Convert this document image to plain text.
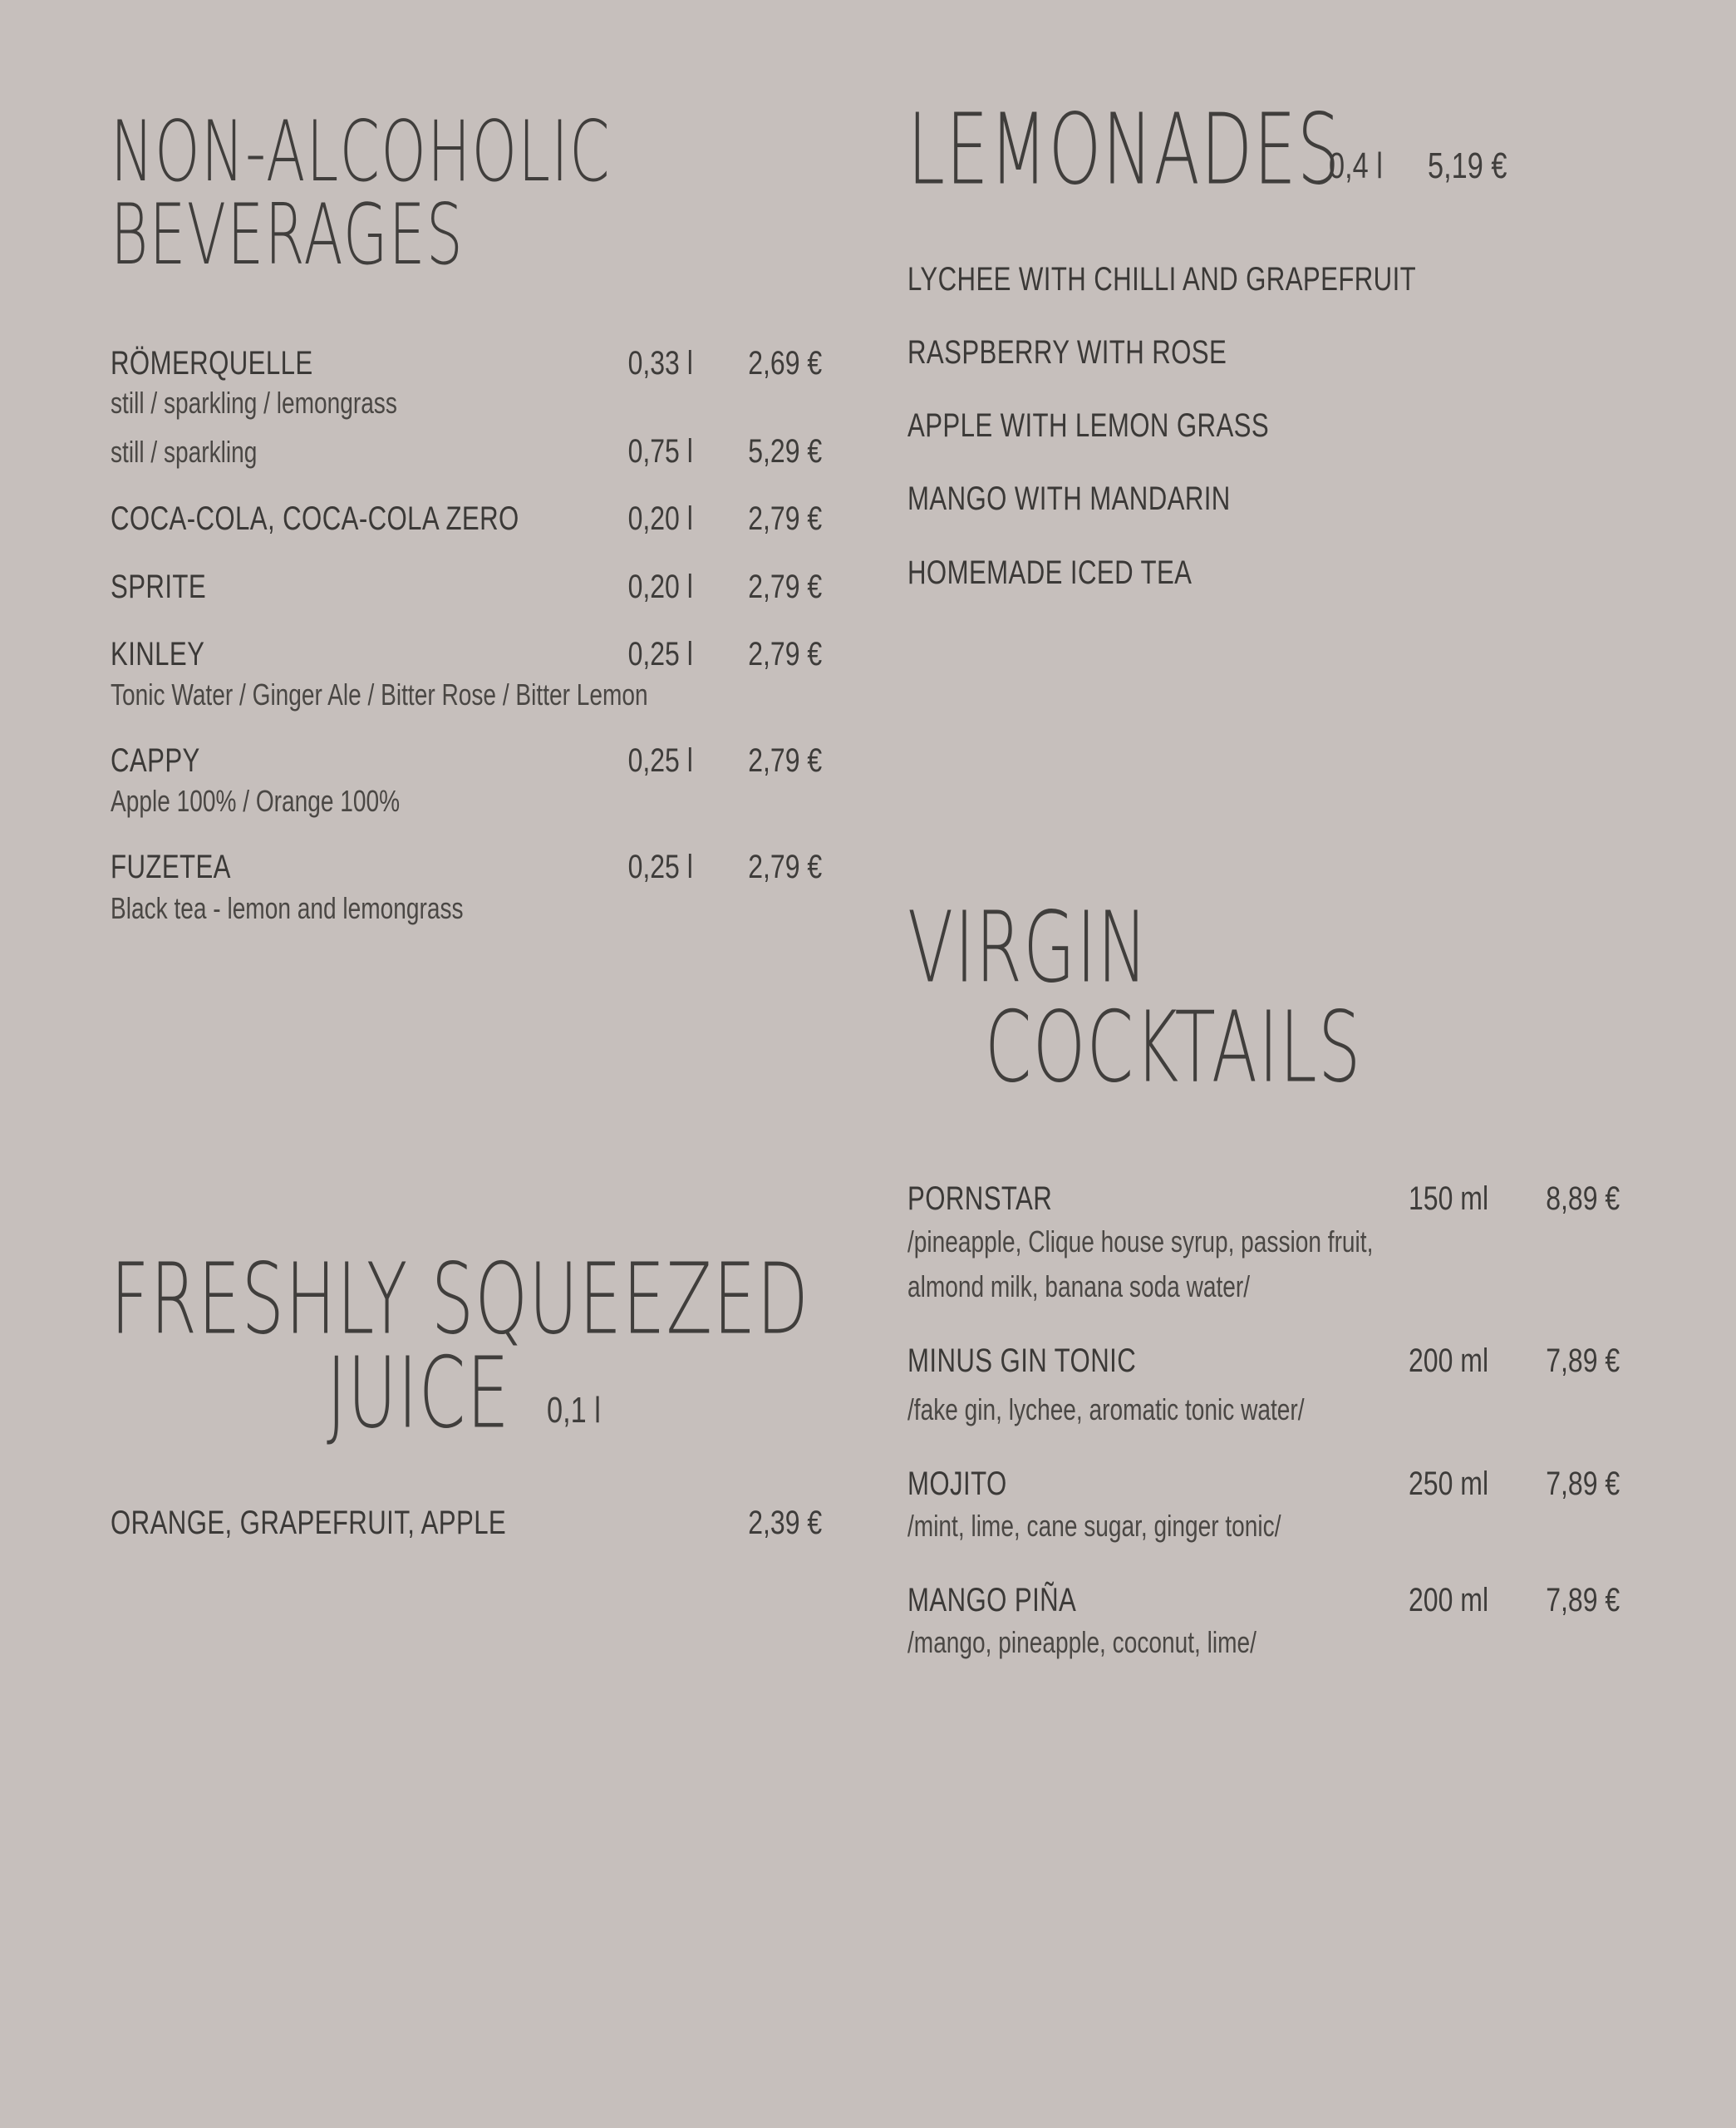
NON-ALCOHOLIC
BEVERAGES
RÖMERQUELLE	0,33 l	2,69 €
still / sparkling / lemongrass
still / sparkling	0,75 l	5,29 €
COCA-COLA, COCA-COLA ZERO	0,20 l	2,79 €
SPRITE	0,20 l	2,79 €
KINLEY	0,25 l	2,79 €
Tonic Water / Ginger Ale / Bitter Rose / Bitter Lemon
CAPPY	0,25 l	2,79 €
Apple 100% / Orange 100%
FUZETEA	0,25 l	2,79 €
Black tea - lemon and lemongrass
FRESHLY SQUEEZED
JUICE 0,1 l
ORANGE, GRAPEFRUIT, APPLE	2,39 €
LEMONADES
0,4 l 5,19 €
LYCHEE WITH CHILLI AND GRAPEFRUIT
RASPBERRY WITH ROSE
APPLE WITH LEMON GRASS
MANGO WITH MANDARIN
HOMEMADE ICED TEA
VIRGIN
COCKTAILS
PORNSTAR	150 ml	8,89 €
/pineapple, Clique house syrup, passion fruit,
almond milk, banana soda water/
MINUS GIN TONIC	200 ml	7,89 €
/fake gin, lychee, aromatic tonic water/
MOJITO	250 ml	7,89 €
/mint, lime, cane sugar, ginger tonic/
MANGO PIÑA	200 ml	7,89 €
/mango, pineapple, coconut, lime/
